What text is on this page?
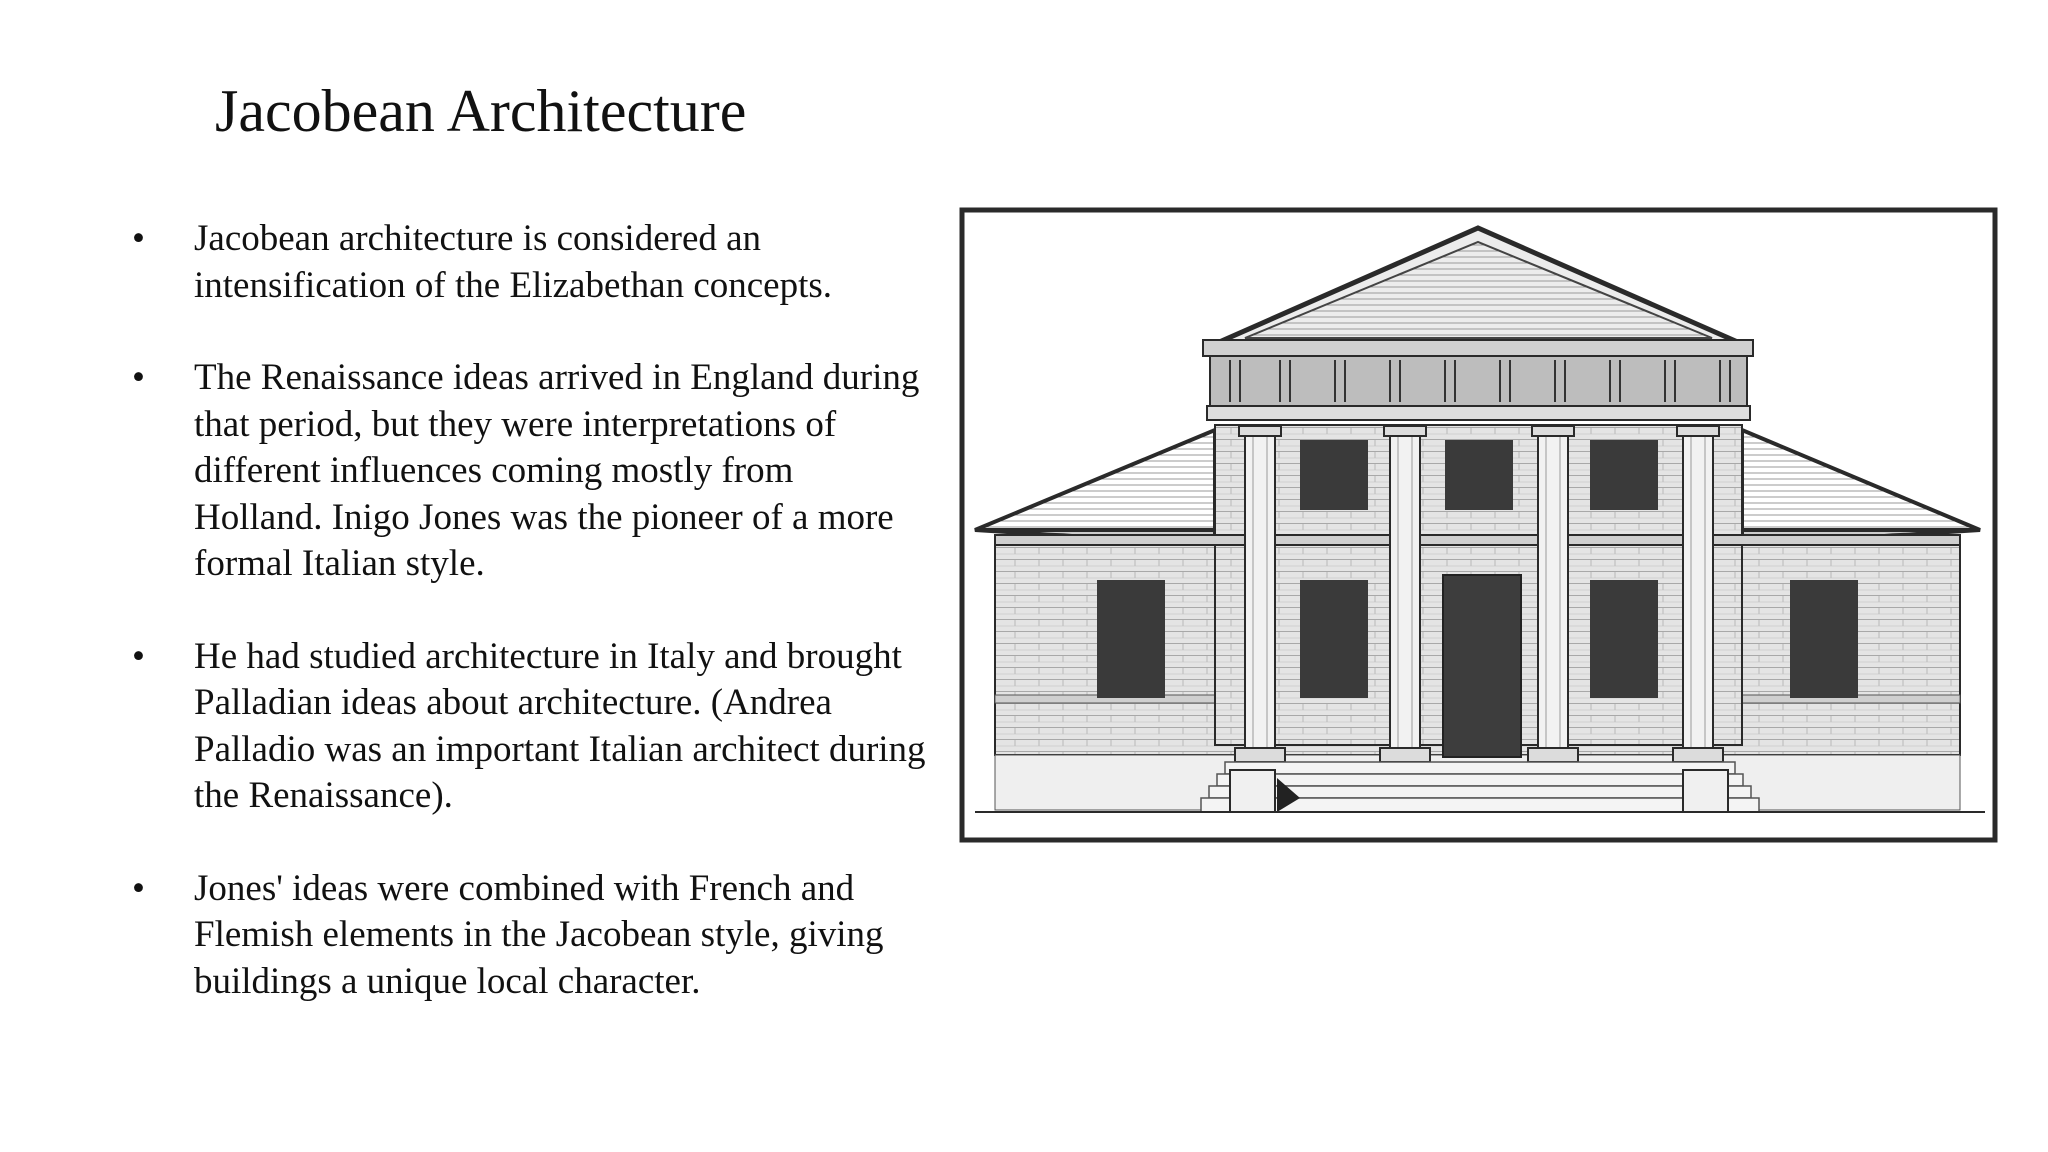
Jacobean Architecture
• Jacobean architecture is considered an intensification of the Elizabethan concepts.
• The Renaissance ideas arrived in England during that period, but they were interpretations of different influences coming mostly from Holland. Inigo Jones was the pioneer of a more formal Italian style.
• He had studied architecture in Italy and brought Palladian ideas about architecture. (Andrea Palladio was an important Italian architect during the Renaissance).
• Jones' ideas were combined with French and Flemish elements in the Jacobean style, giving buildings a unique local character.
